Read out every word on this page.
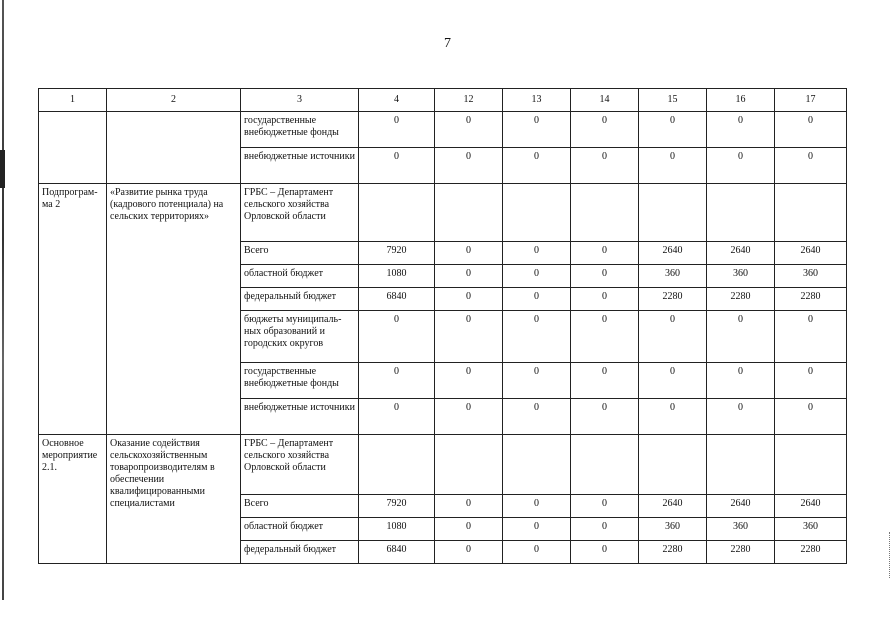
7
1	2	3	4	12	13	14	15	16	17
		государственные внебюджетные фонды	0	0	0	0	0	0	0
		внебюджетные источники	0	0	0	0	0	0	0
Подпрограм-ма 2	«Развитие рынка труда (кадрового потенциала) на сельских территориях»	ГРБС – Департамент сельского хозяйства Орловской области							
		Всего	7920	0	0	0	2640	2640	2640
		областной бюджет	1080	0	0	0	360	360	360
		федеральный бюджет	6840	0	0	0	2280	2280	2280
		бюджеты муниципаль-ных образований и городских округов	0	0	0	0	0	0	0
		государственные внебюджетные фонды	0	0	0	0	0	0	0
		внебюджетные источники	0	0	0	0	0	0	0
Основное мероприятие 2.1.	Оказание содействия сельскохозяйственным товаропроизводителям в обеспечении квалифицированными специалистами	ГРБС – Департамент сельского хозяйства Орловской области							
		Всего	7920	0	0	0	2640	2640	2640
		областной бюджет	1080	0	0	0	360	360	360
		федеральный бюджет	6840	0	0	0	2280	2280	2280
